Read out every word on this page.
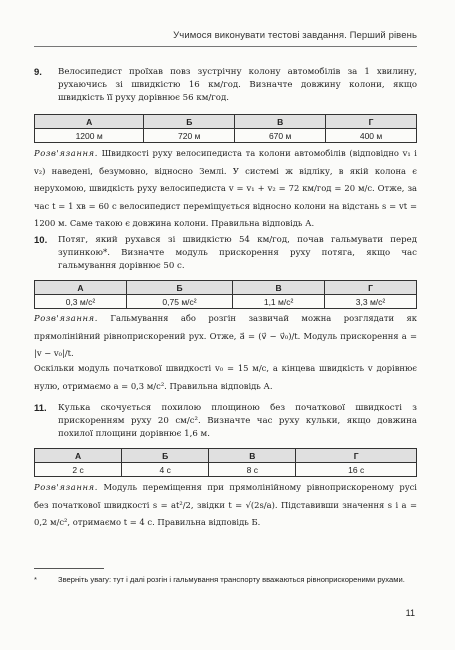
Учимося виконувати тестові завдання. Перший рівень
9. Велосипедист проїхав повз зустрічну колону автомобілів за 1 хвилину, рухаючись зі швидкістю 16 км/год. Визначте довжину колони, якщо швидкість її руху дорівнює 56 км/год.
А	Б	В	Г
1200 м	720 м	670 м	400 м
Розв'язання. Швидкості руху велосипедиста та колони автомобілів (відповідно v₁ і v₂) наведені, безумовно, відносно Землі. У системі ж відліку, в якій колона є нерухомою, швидкість руху велосипедиста v = v₁ + v₂ = 72 км/год = 20 м/с. Отже, за час t = 1 хв = 60 с велосипедист переміщується відносно колони на відстань s = vt = 1200 м. Саме такою є довжина колони. Правильна відповідь А.
10. Потяг, який рухався зі швидкістю 54 км/год, почав гальмувати перед зупинкою*. Визначте модуль прискорення руху потяга, якщо час гальмування дорівнює 50 с.
А	Б	В	Г
0,3 м/с²	0,75 м/с²	1,1 м/с²	3,3 м/с²
Розв'язання. Гальмування або розгін зазвичай можна розглядати як прямолінійний рівноприскорений рух. Отже, a⃗ = (v⃗ − v⃗₀)/t. Модуль прискорення a = |v − v₀|/t.
Оскільки модуль початкової швидкості v₀ = 15 м/с, а кінцева швидкість v дорівнює нулю, отримаємо a = 0,3 м/с². Правильна відповідь А.
11. Кулька скочується похилою площиною без початкової швидкості з прискоренням руху 20 см/с². Визначте час руху кульки, якщо довжина похилої площини дорівнює 1,6 м.
А	Б	В	Г
2 с	4 с	8 с	16 с
Розв'язання. Модуль переміщення при прямолінійному рівноприскореному русі без початкової швидкості s = at²/2, звідки t = √(2s/a). Підставивши значення s і a = 0,2 м/с², отримаємо t = 4 с. Правильна відповідь Б.
*	Зверніть увагу: тут і далі розгін і гальмування транспорту вважаються рівноприскореними рухами.
11
